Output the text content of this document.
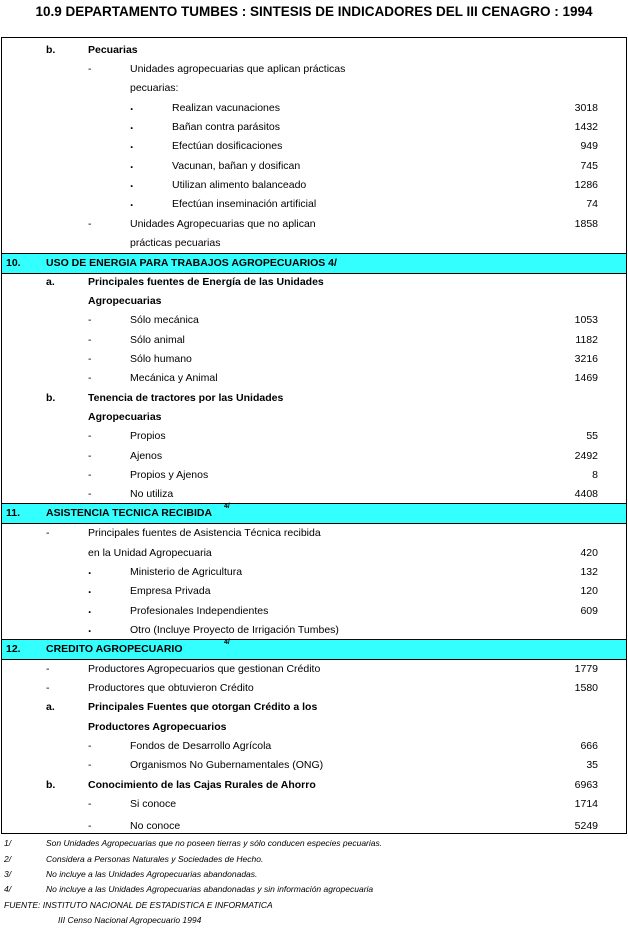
10.9 DEPARTAMENTO TUMBES : SINTESIS DE INDICADORES DEL III CENAGRO : 1994
b.	Pecuarias
-	Unidades agropecuarias que aplican prácticas
pecuarias:
.	Realizan vacunaciones	3018
.	Bañan contra parásitos	1432
.	Efectúan dosificaciones	949
.	Vacunan, bañan y dosifican	745
.	Utilizan alimento balanceado	1286
.	Efectúan inseminación artificial	74
-	Unidades Agropecuarias que no aplican	1858
prácticas pecuarias
10. USO DE ENERGIA PARA TRABAJOS AGROPECUARIOS 4/
a.	Principales fuentes de Energía de las Unidades
Agropecuarias
-	Sólo mecánica	1053
-	Sólo animal	1182
-	Sólo humano	3216
-	Mecánica y Animal	1469
b.	Tenencia de tractores por las Unidades
Agropecuarias
-	Propios	55
-	Ajenos	2492
-	Propios y Ajenos	8
-	No utiliza	4408
11. ASISTENCIA TECNICA RECIBIDA
4/
-	Principales fuentes de Asistencia Técnica recibida
en la Unidad Agropecuaria	420
.	Ministerio de Agricultura	132
.	Empresa Privada	120
.	Profesionales Independientes	609
.	Otro (Incluye Proyecto de Irrigación Tumbes)
12. CREDITO AGROPECUARIO
4/
-	Productores Agropecuarios que gestionan Crédito	1779
-	Productores que obtuvieron Crédito	1580
a.	Principales Fuentes que otorgan Crédito a los
Productores Agropecuarios
-	Fondos de Desarrollo Agrícola	666
-	Organismos No Gubernamentales (ONG)	35
b.	Conocimiento de las Cajas Rurales de Ahorro	6963
-	Si conoce	1714
-	No conoce	5249
1/	Son Unidades Agropecuarias que no poseen tierras y sólo conducen especies pecuarias.
2/	Considera a Personas Naturales y Sociedades de Hecho.
3/	No incluye a las Unidades Agropecuarias abandonadas.
4/	No incluye a las Unidades Agropecuarias abandonadas y sin información agropecuaria
FUENTE: INSTITUTO NACIONAL DE ESTADISTICA E INFORMATICA
III Censo Nacional Agropecuario 1994
